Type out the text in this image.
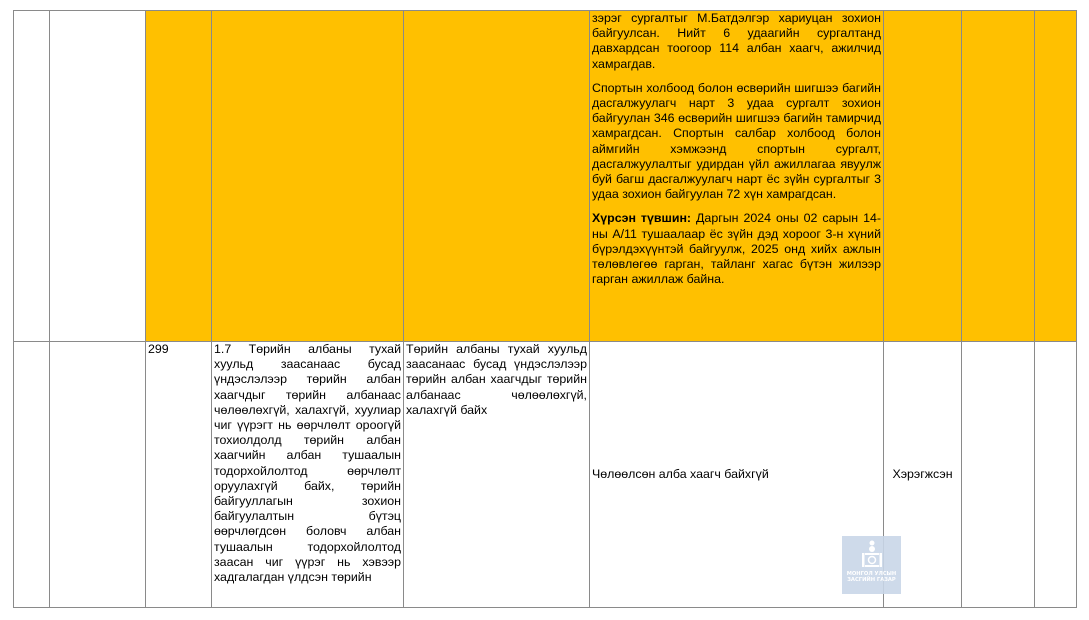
					зэрэг сургалтыг М.Батдэлгэр хариуцан зохион байгуулсан. Нийт 6 удаагийн сургалтанд давхардсан тоогоор 114 албан хаагч, ажилчид хамрагдав.

Спортын холбоод болон өсвөрийн шигшээ багийн дасгалжуулагч нарт 3 удаа сургалт зохион байгуулан 346 өсвөрийн шигшээ багийн тамирчид хамрагдсан. Спортын салбар холбоод болон аймгийн хэмжээнд спортын сургалт, дасгалжуулалтыг удирдан үйл ажиллагаа явуулж буй багш дасгалжуулагч нарт ёс зүйн сургалтыг 3 удаа зохион байгуулан 72 хүн хамрагдсан.

Хүрсэн түвшин: Даргын 2024 оны 02 сарын 14-ны А/11 тушаалаар ёс зүйн дэд хороог 3-н хүний бүрэлдэхүүнтэй байгуулж, 2025 онд хийх ажлын төлөвлөгөө гарган, тайланг хагас бүтэн жилээр гарган ажиллаж байна.			

		299	1.7 Төрийн албаны тухай хуульд заасанаас бусад үндэслэлээр төрийн албан хаагчдыг төрийн албанаас чөлөөлөхгүй, халахгүй, хуулиар чиг үүрэгт нь өөрчлөлт ороогүй тохиолдолд төрийн албан хаагчийн албан тушаалын тодорхойлолтод өөрчлөлт оруулахгүй байх, төрийн байгууллагын зохион байгуулалтын бүтэц өөрчлөгдсөн боловч албан тушаалын тодорхойлолтод заасан чиг үүрэг нь хэвээр хадгалагдан үлдсэн төрийн	Төрийн албаны тухай хуульд заасанаас бусад үндэслэлээр төрийн албан хаагчдыг төрийн албанаас чөлөөлөхгүй, халахгүй байх	Чөлөөлсөн алба хаагч байхгүй	Хэрэгжсэн		
МОНГОЛ УЛСЫН
ЗАСГИЙН ГАЗАР
